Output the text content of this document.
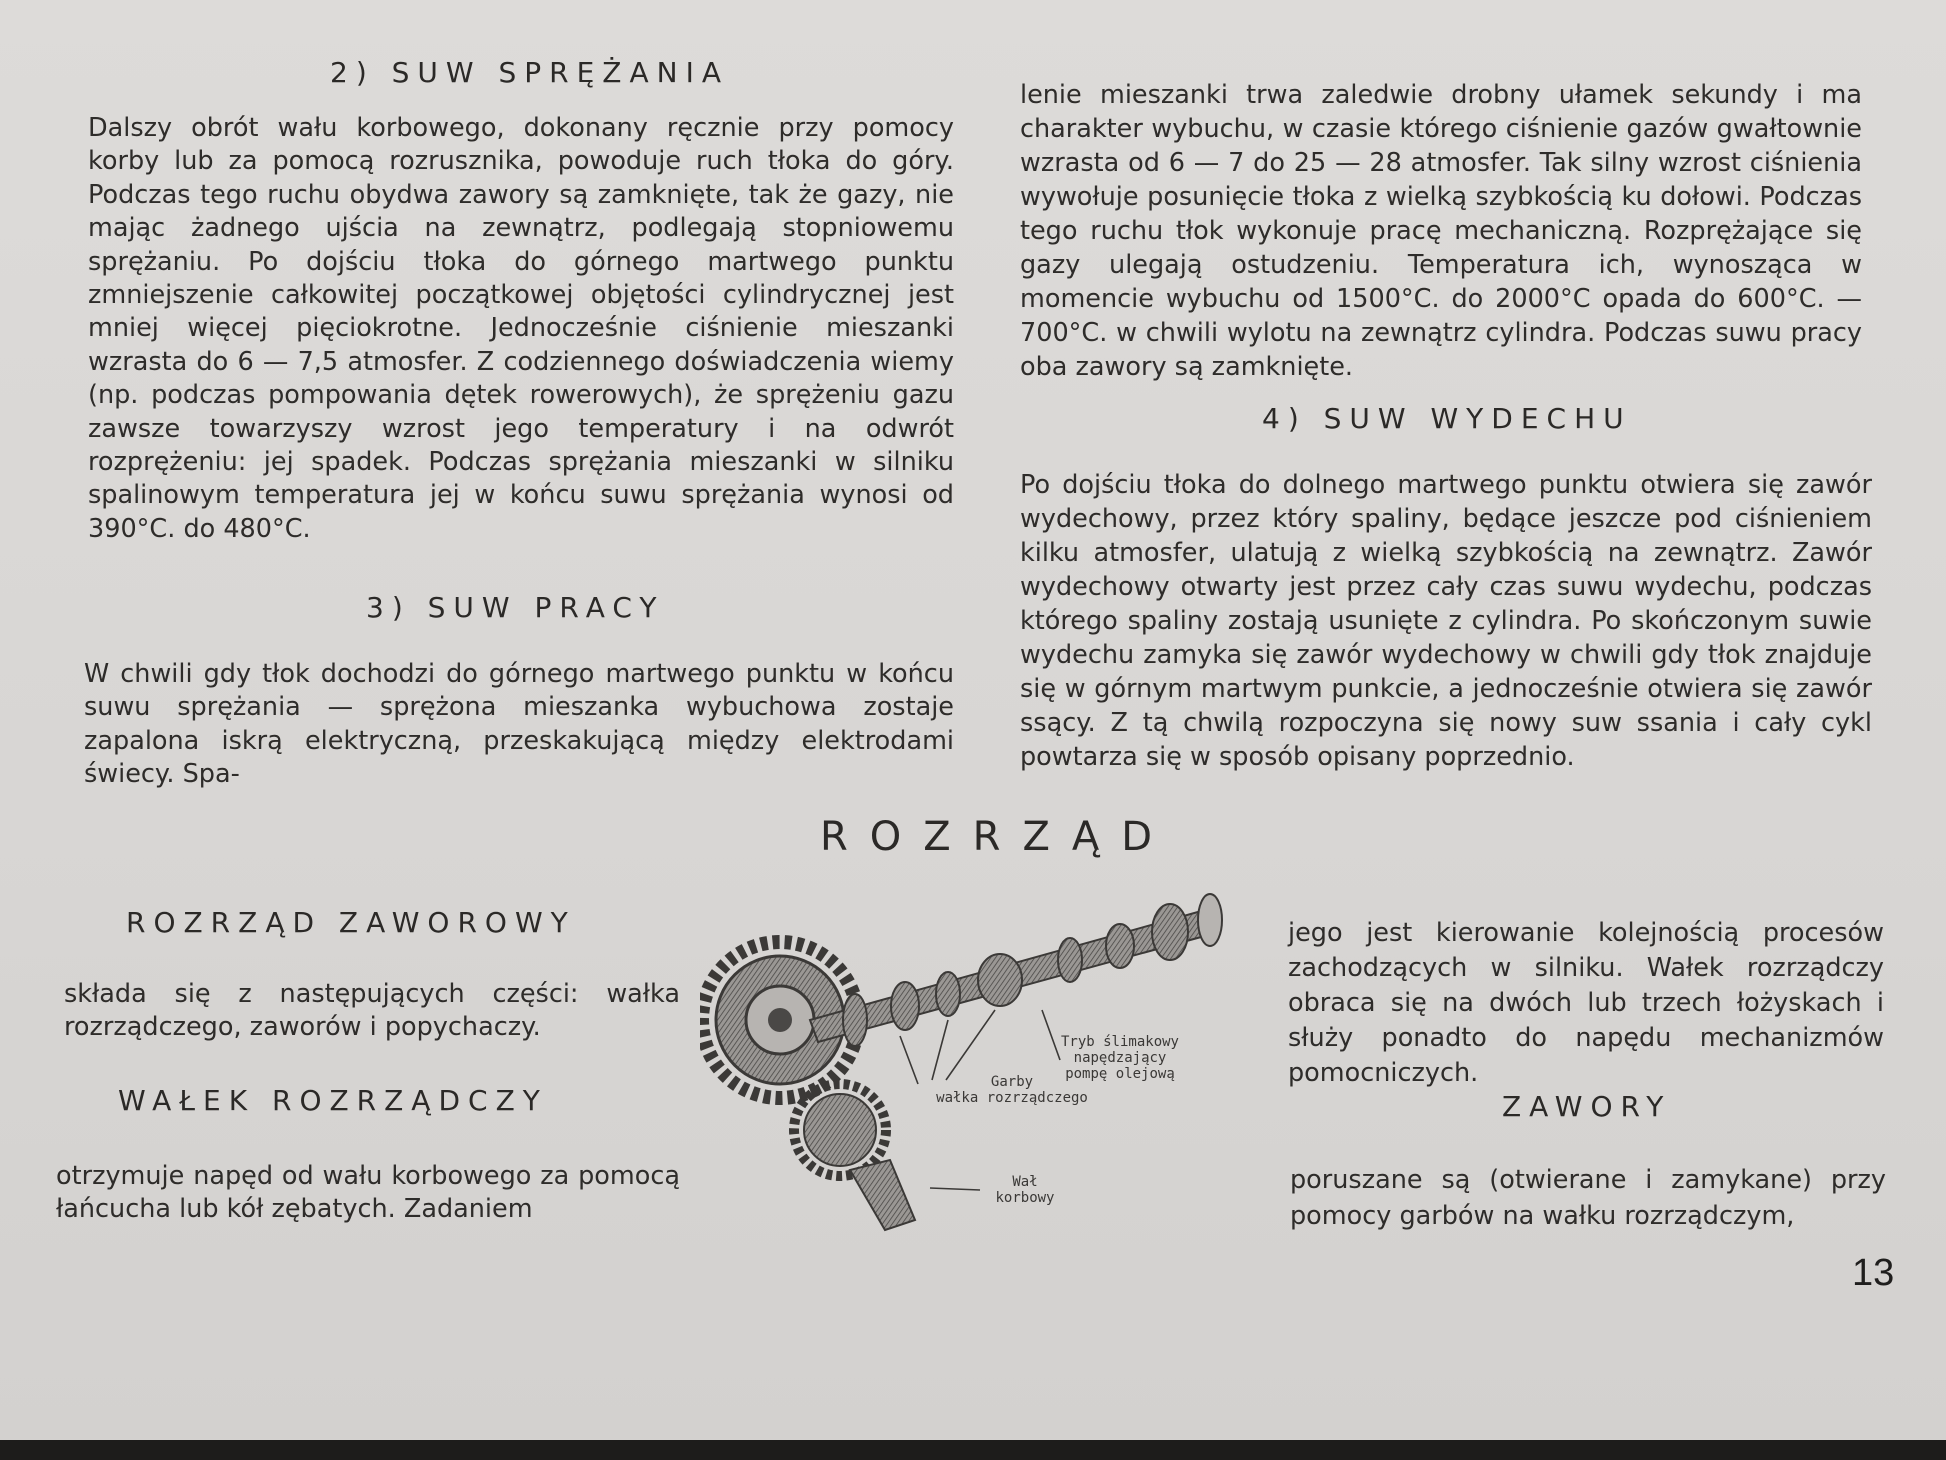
2) SUW SPRĘŻANIA

Dalszy obrót wału korbowego, dokonany ręcznie przy pomocy korby lub za pomocą rozrusznika, powoduje ruch tłoka do góry. Podczas tego ruchu obydwa zawory są zamknięte, tak że gazy, nie mając żadnego ujścia na zewnątrz, podlegają stopniowemu sprężaniu. Po dojściu tłoka do górnego martwego punktu zmniejszenie całkowitej początkowej objętości cylindrycznej jest mniej więcej pięciokrotne. Jednocześnie ciśnienie mieszanki wzrasta do 6 — 7,5 atmosfer. Z codziennego doświadczenia wiemy (np. podczas pompowania dętek rowerowych), że sprężeniu gazu zawsze towarzyszy wzrost jego temperatury i na odwrót rozprężeniu: jej spadek. Podczas sprężania mieszanki w silniku spalinowym temperatura jej w końcu suwu sprężania wynosi od 390°C. do 480°C.

3) SUW PRACY

W chwili gdy tłok dochodzi do górnego martwego punktu w końcu suwu sprężania — sprężona mieszanka wybuchowa zostaje zapalona iskrą elektryczną, przeskakującą między elektrodami świecy. Spa-

lenie mieszanki trwa zaledwie drobny ułamek sekundy i ma charakter wybuchu, w czasie którego ciśnienie gazów gwałtownie wzrasta od 6 — 7 do 25 — 28 atmosfer. Tak silny wzrost ciśnienia wywołuje posunięcie tłoka z wielką szybkością ku dołowi. Podczas tego ruchu tłok wykonuje pracę mechaniczną. Rozprężające się gazy ulegają ostudzeniu. Temperatura ich, wynosząca w momencie wybuchu od 1500°C. do 2000°C opada do 600°C. — 700°C. w chwili wylotu na zewnątrz cylindra. Podczas suwu pracy oba zawory są zamknięte.

4) SUW WYDECHU

Po dojściu tłoka do dolnego martwego punktu otwiera się zawór wydechowy, przez który spaliny, będące jeszcze pod ciśnieniem kilku atmosfer, ulatują z wielką szybkością na zewnątrz. Zawór wydechowy otwarty jest przez cały czas suwu wydechu, podczas którego spaliny zostają usunięte z cylindra. Po skończonym suwie wydechu zamyka się zawór wydechowy w chwili gdy tłok znajduje się w górnym martwym punkcie, a jednocześnie otwiera się zawór ssący. Z tą chwilą rozpoczyna się nowy suw ssania i cały cykl powtarza się w sposób opisany poprzednio.

ROZRZĄD
ROZRZĄD ZAWOROWY

składa się z następujących części: wałka rozrządczego, zaworów i popychaczy.

WAŁEK ROZRZĄDCZY

otrzymuje napęd od wału korbowego za pomocą łańcucha lub kół zębatych. Zadaniem

Tryb ślimakowy
napędzający
pompę olejową
Garby
wałka rozrządczego
Wał
korbowy

jego jest kierowanie kolejnością procesów zachodzących w silniku. Wałek rozrządczy obraca się na dwóch lub trzech łożyskach i służy ponadto do napędu mechanizmów pomocniczych.

ZAWORY

poruszane są (otwierane i zamykane) przy pomocy garbów na wałku rozrządczym,

13
